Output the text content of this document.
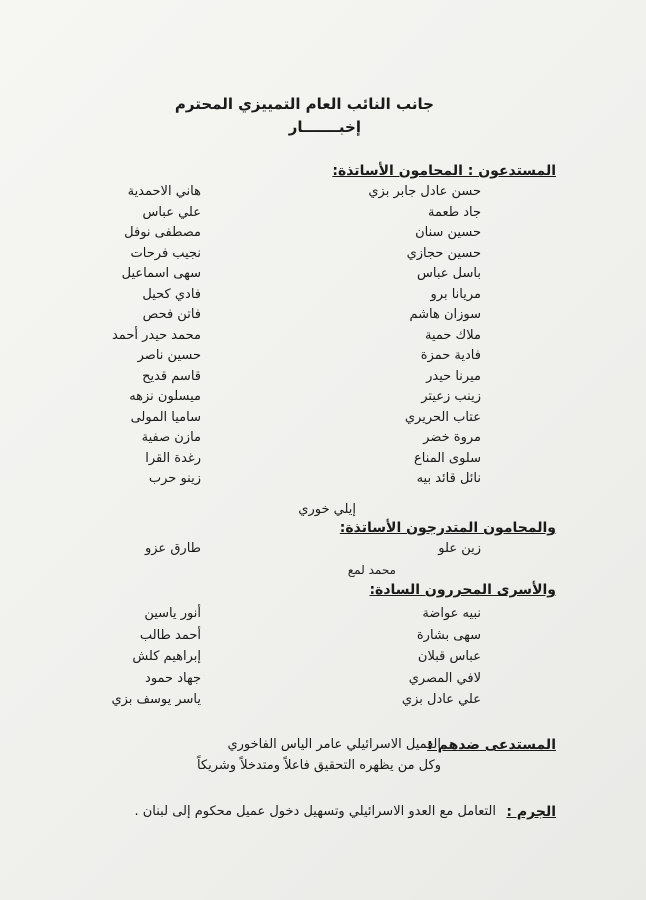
جانب النائب العام التمييزي المحترم
إخبـــــــار
المستدعون : المحامون الأساتذة:
حسن عادل جابر بزي
جاد طعمة
حسين سنان
حسين حجازي
باسل عباس
مريانا برو
سوزان هاشم
ملاك حمية
فادية حمزة
ميرنا حيدر
زينب زعيتر
عتاب الحريري
مروة خضر
سلوى المناع
نائل قائد بيه
هاني الاحمدية
علي عباس
مصطفى نوفل
نجيب فرحات
سهى اسماعيل
فادي كحيل
فاتن فحص
محمد حيدر أحمد
حسين ناصر
قاسم قديح
ميسلون نزهه
ساميا المولى
مازن صفية
رغدة القرا
زينو حرب
إيلي خوري
والمحامون المتدرجون الأساتذة:
زين علو
طارق عزو
محمد لمع
والأسرى المحررون السادة:
نبيه عواضة
سهى بشارة
عباس قبلان
لافي المصري
علي عادل بزي
أنور ياسين
أحمد طالب
إبراهيم كلش
جهاد حمود
ياسر يوسف بزي
المستدعى ضدهم :
العميل الاسرائيلي عامر الياس الفاخوري
وكل من يظهره التحقيق فاعلاً ومتدخلاً وشريكاً
الجرم :
التعامل مع العدو الاسرائيلي وتسهيل دخول عميل محكوم إلى لبنان .
